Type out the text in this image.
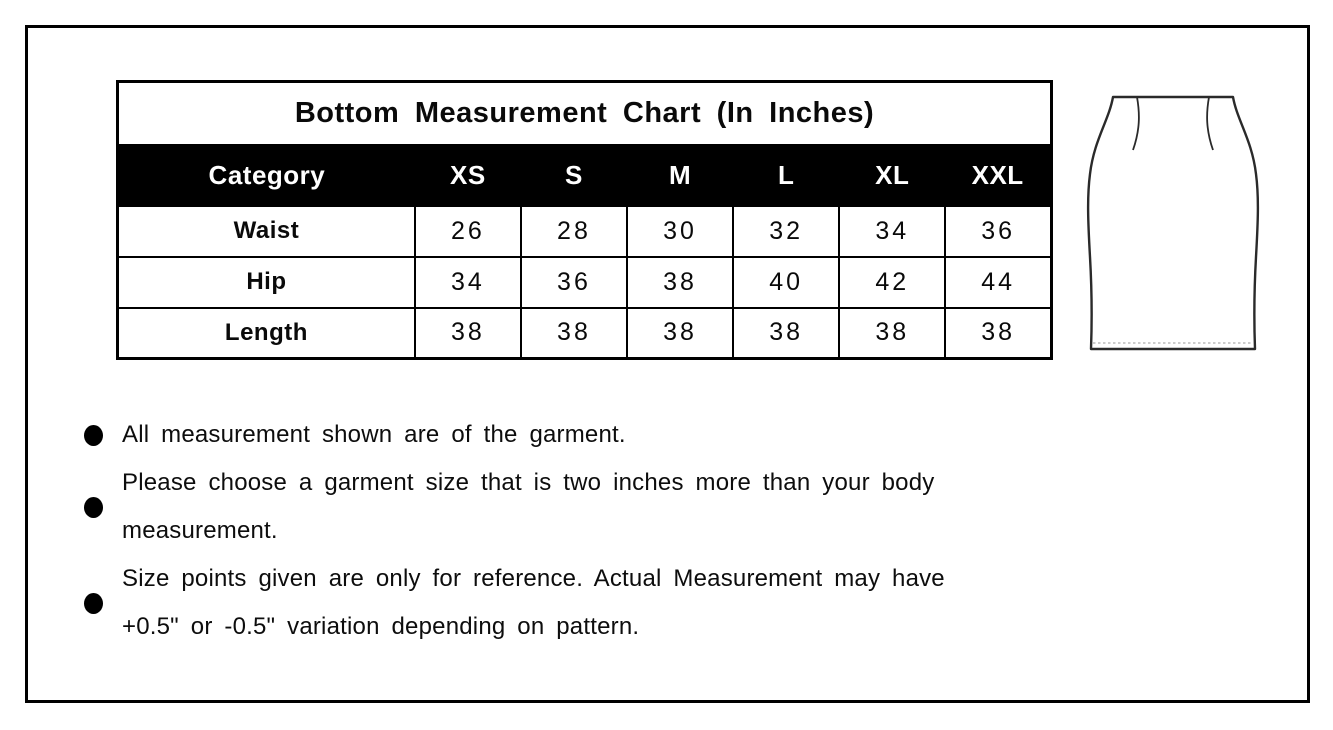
Bottom Measurement Chart (In Inches)						
Category	XS	S	M	L	XL	XXL
Waist	26	28	30	32	34	36
Hip	34	36	38	40	42	44
Length	38	38	38	38	38	38
All measurement shown are of the garment.
Please choose a garment size that is two inches more than your body
measurement.
Size points given are only for reference. Actual Measurement may have
+0.5" or -0.5" variation depending on pattern.
